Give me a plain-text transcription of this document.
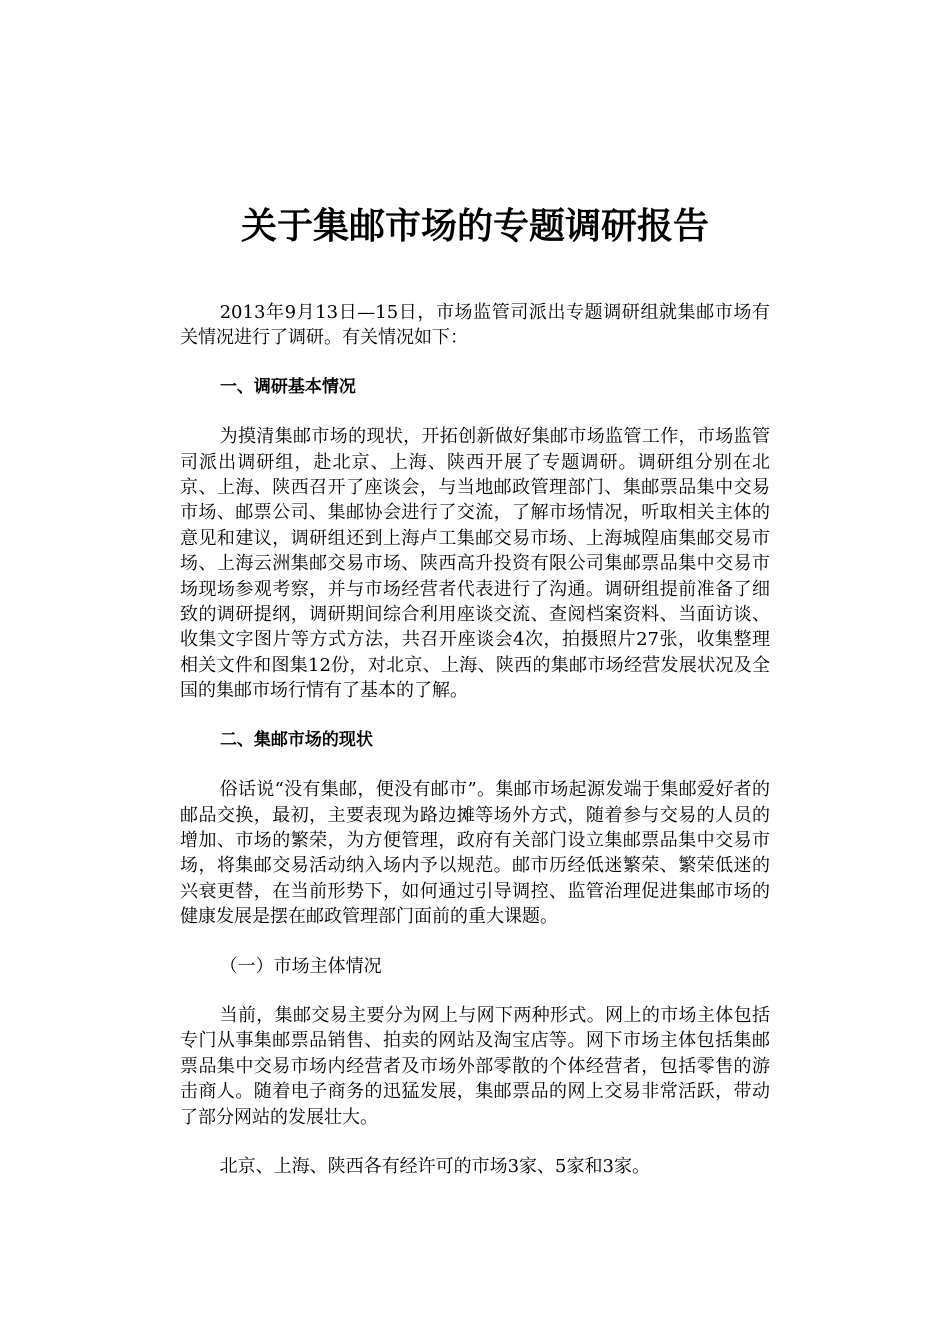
关于集邮市场的专题调研报告

2013年9月13日—15日，市场监管司派出专题调研组就集邮市场有关情况进行了调研。有关情况如下：

一、调研基本情况

为摸清集邮市场的现状，开拓创新做好集邮市场监管工作，市场监管司派出调研组，赴北京、上海、陕西开展了专题调研。调研组分别在北京、上海、陕西召开了座谈会，与当地邮政管理部门、集邮票品集中交易市场、邮票公司、集邮协会进行了交流，了解市场情况，听取相关主体的意见和建议，调研组还到上海卢工集邮交易市场、上海城隍庙集邮交易市场、上海云洲集邮交易市场、陕西高升投资有限公司集邮票品集中交易市场现场参观考察，并与市场经营者代表进行了沟通。调研组提前准备了细致的调研提纲，调研期间综合利用座谈交流、查阅档案资料、当面访谈、收集文字图片等方式方法，共召开座谈会4次，拍摄照片27张，收集整理相关文件和图集12份，对北京、上海、陕西的集邮市场经营发展状况及全国的集邮市场行情有了基本的了解。

二、集邮市场的现状

俗话说“没有集邮，便没有邮市”。集邮市场起源发端于集邮爱好者的邮品交换，最初，主要表现为路边摊等场外方式，随着参与交易的人员的增加、市场的繁荣，为方便管理，政府有关部门设立集邮票品集中交易市场，将集邮交易活动纳入场内予以规范。邮市历经低迷繁荣、繁荣低迷的兴衰更替，在当前形势下，如何通过引导调控、监管治理促进集邮市场的健康发展是摆在邮政管理部门面前的重大课题。

（一）市场主体情况

当前，集邮交易主要分为网上与网下两种形式。网上的市场主体包括专门从事集邮票品销售、拍卖的网站及淘宝店等。网下市场主体包括集邮票品集中交易市场内经营者及市场外部零散的个体经营者，包括零售的游击商人。随着电子商务的迅猛发展，集邮票品的网上交易非常活跃，带动了部分网站的发展壮大。

北京、上海、陕西各有经许可的市场3家、5家和3家。
